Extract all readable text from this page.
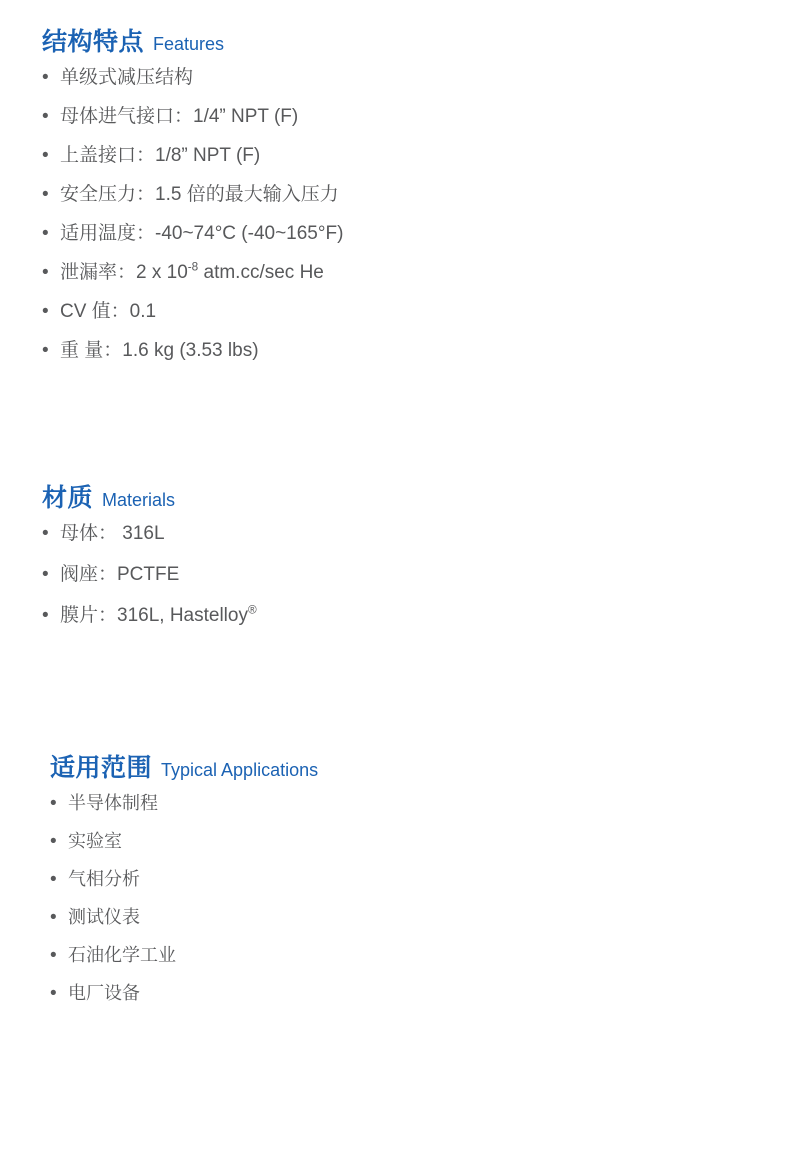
结构特点 Features
• 单级式减压结构
• 母体进气接口：1/4” NPT (F)
• 上盖接口：1/8” NPT (F)
• 安全压力：1.5 倍的最大输入压力
• 适用温度：-40~74°C (-40~165°F)
• 泄漏率：2 x $10^{-8}$ atm.cc/sec He
• CV 值：0.1
• 重 量：1.6 kg (3.53 lbs)
材质 Materials
• 母体： 316L
• 阀座：PCTFE
• 膜片：316L, Hastelloy®
适用范围 Typical Applications
• 半导体制程
• 实验室
• 气相分析
• 测试仪表
• 石油化学工业
• 电厂设备
